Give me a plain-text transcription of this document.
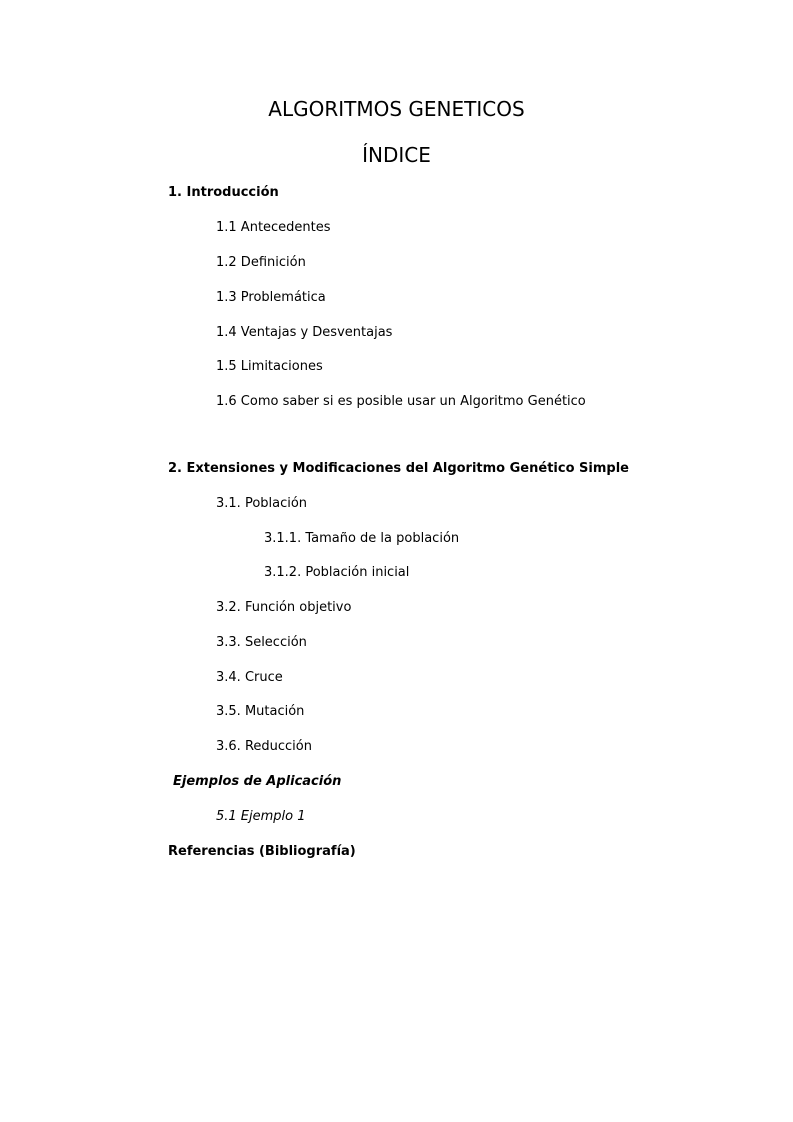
ALGORITMOS GENETICOS
ÍNDICE
1. Introducción
1.1 Antecedentes
1.2 Definición
1.3 Problemática
1.4 Ventajas y Desventajas
1.5 Limitaciones
1.6 Como saber si es posible usar un Algoritmo Genético
2. Extensiones y Modificaciones del Algoritmo Genético Simple
3.1. Población
3.1.1. Tamaño de la población
3.1.2. Población inicial
3.2. Función objetivo
3.3. Selección
3.4. Cruce
3.5. Mutación
3.6. Reducción
Ejemplos de Aplicación
5.1 Ejemplo 1
Referencias (Bibliografía)
